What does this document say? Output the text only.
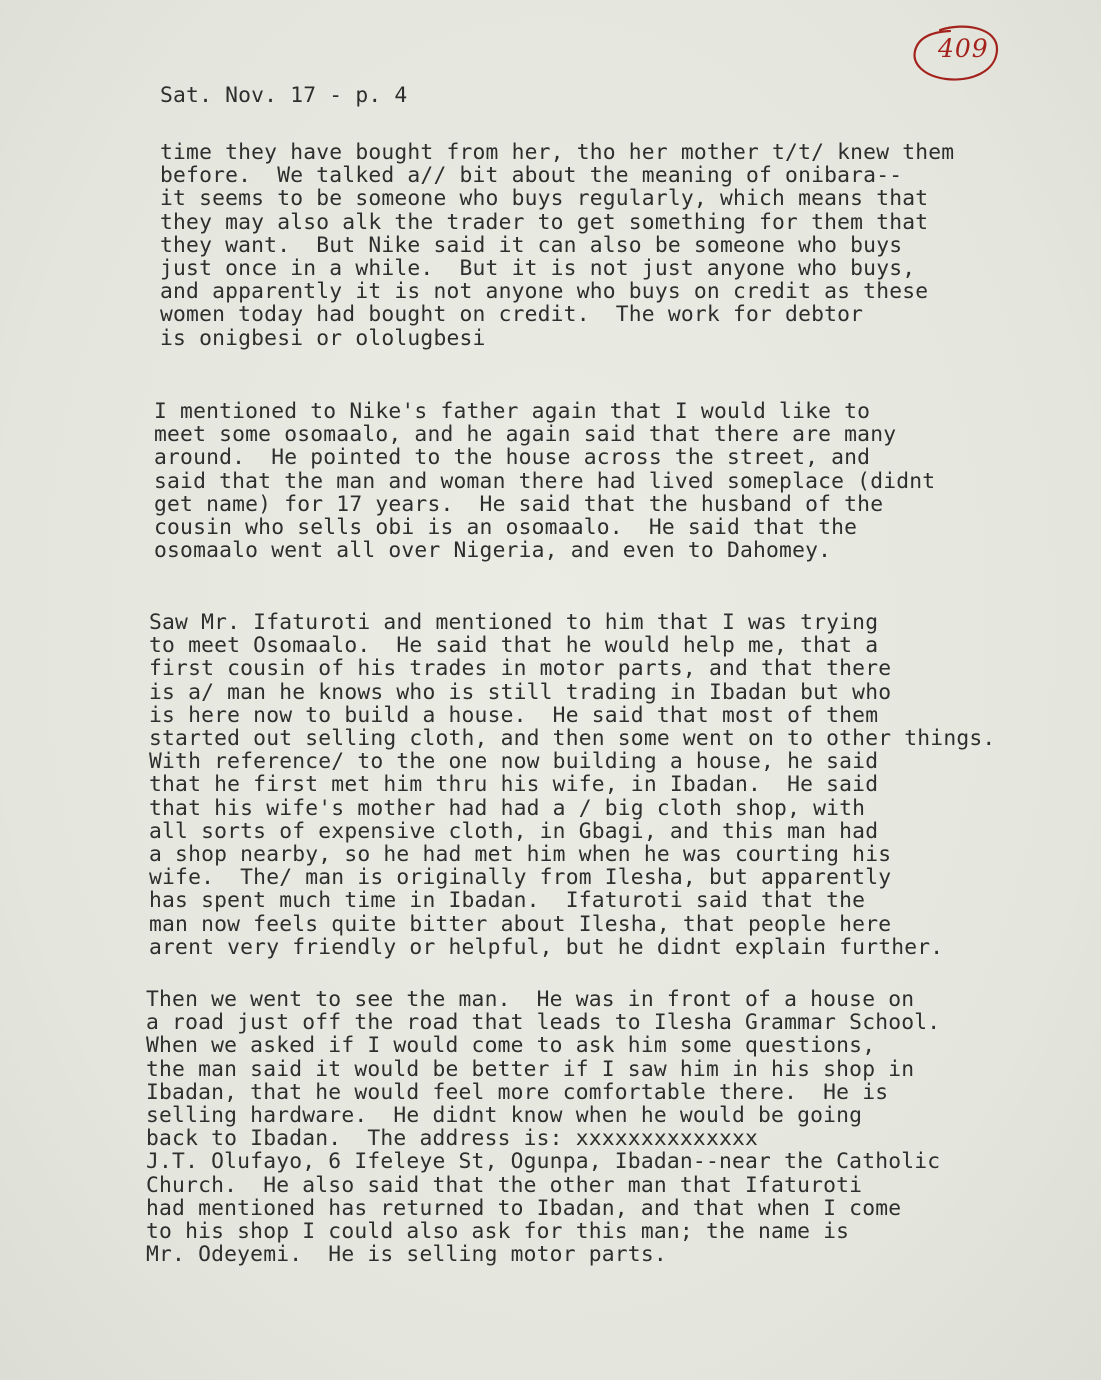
409
Sat. Nov. 17 - p. 4

time they have bought from her, tho her mother t/t/ knew them
before.  We talked a// bit about the meaning of onibara--
it seems to be someone who buys regularly, which means that
they may also alk the trader to get something for them that
they want.  But Nike said it can also be someone who buys
just once in a while.  But it is not just anyone who buys,
and apparently it is not anyone who buys on credit as these
women today had bought on credit.  The work for debtor
is onigbesi or ololugbesi

I mentioned to Nike's father again that I would like to
meet some osomaalo, and he again said that there are many
around.  He pointed to the house across the street, and
said that the man and woman there had lived someplace (didnt
get name) for 17 years.  He said that the husband of the
cousin who sells obi is an osomaalo.  He said that the
osomaalo went all over Nigeria, and even to Dahomey.

Saw Mr. Ifaturoti and mentioned to him that I was trying
to meet Osomaalo.  He said that he would help me, that a
first cousin of his trades in motor parts, and that there
is a/ man he knows who is still trading in Ibadan but who
is here now to build a house.  He said that most of them
started out selling cloth, and then some went on to other things.
With reference/ to the one now building a house, he said
that he first met him thru his wife, in Ibadan.  He said
that his wife's mother had had a / big cloth shop, with
all sorts of expensive cloth, in Gbagi, and this man had
a shop nearby, so he had met him when he was courting his
wife.  The/ man is originally from Ilesha, but apparently
has spent much time in Ibadan.  Ifaturoti said that the
man now feels quite bitter about Ilesha, that people here
arent very friendly or helpful, but he didnt explain further.

Then we went to see the man.  He was in front of a house on
a road just off the road that leads to Ilesha Grammar School.
When we asked if I would come to ask him some questions,
the man said it would be better if I saw him in his shop in
Ibadan, that he would feel more comfortable there.  He is
selling hardware.  He didnt know when he would be going
back to Ibadan.  The address is: xxxxxxxxxxxxxx
J.T. Olufayo, 6 Ifeleye St, Ogunpa, Ibadan--near the Catholic
Church.  He also said that the other man that Ifaturoti
had mentioned has returned to Ibadan, and that when I come
to his shop I could also ask for this man; the name is
Mr. Odeyemi.  He is selling motor parts.
